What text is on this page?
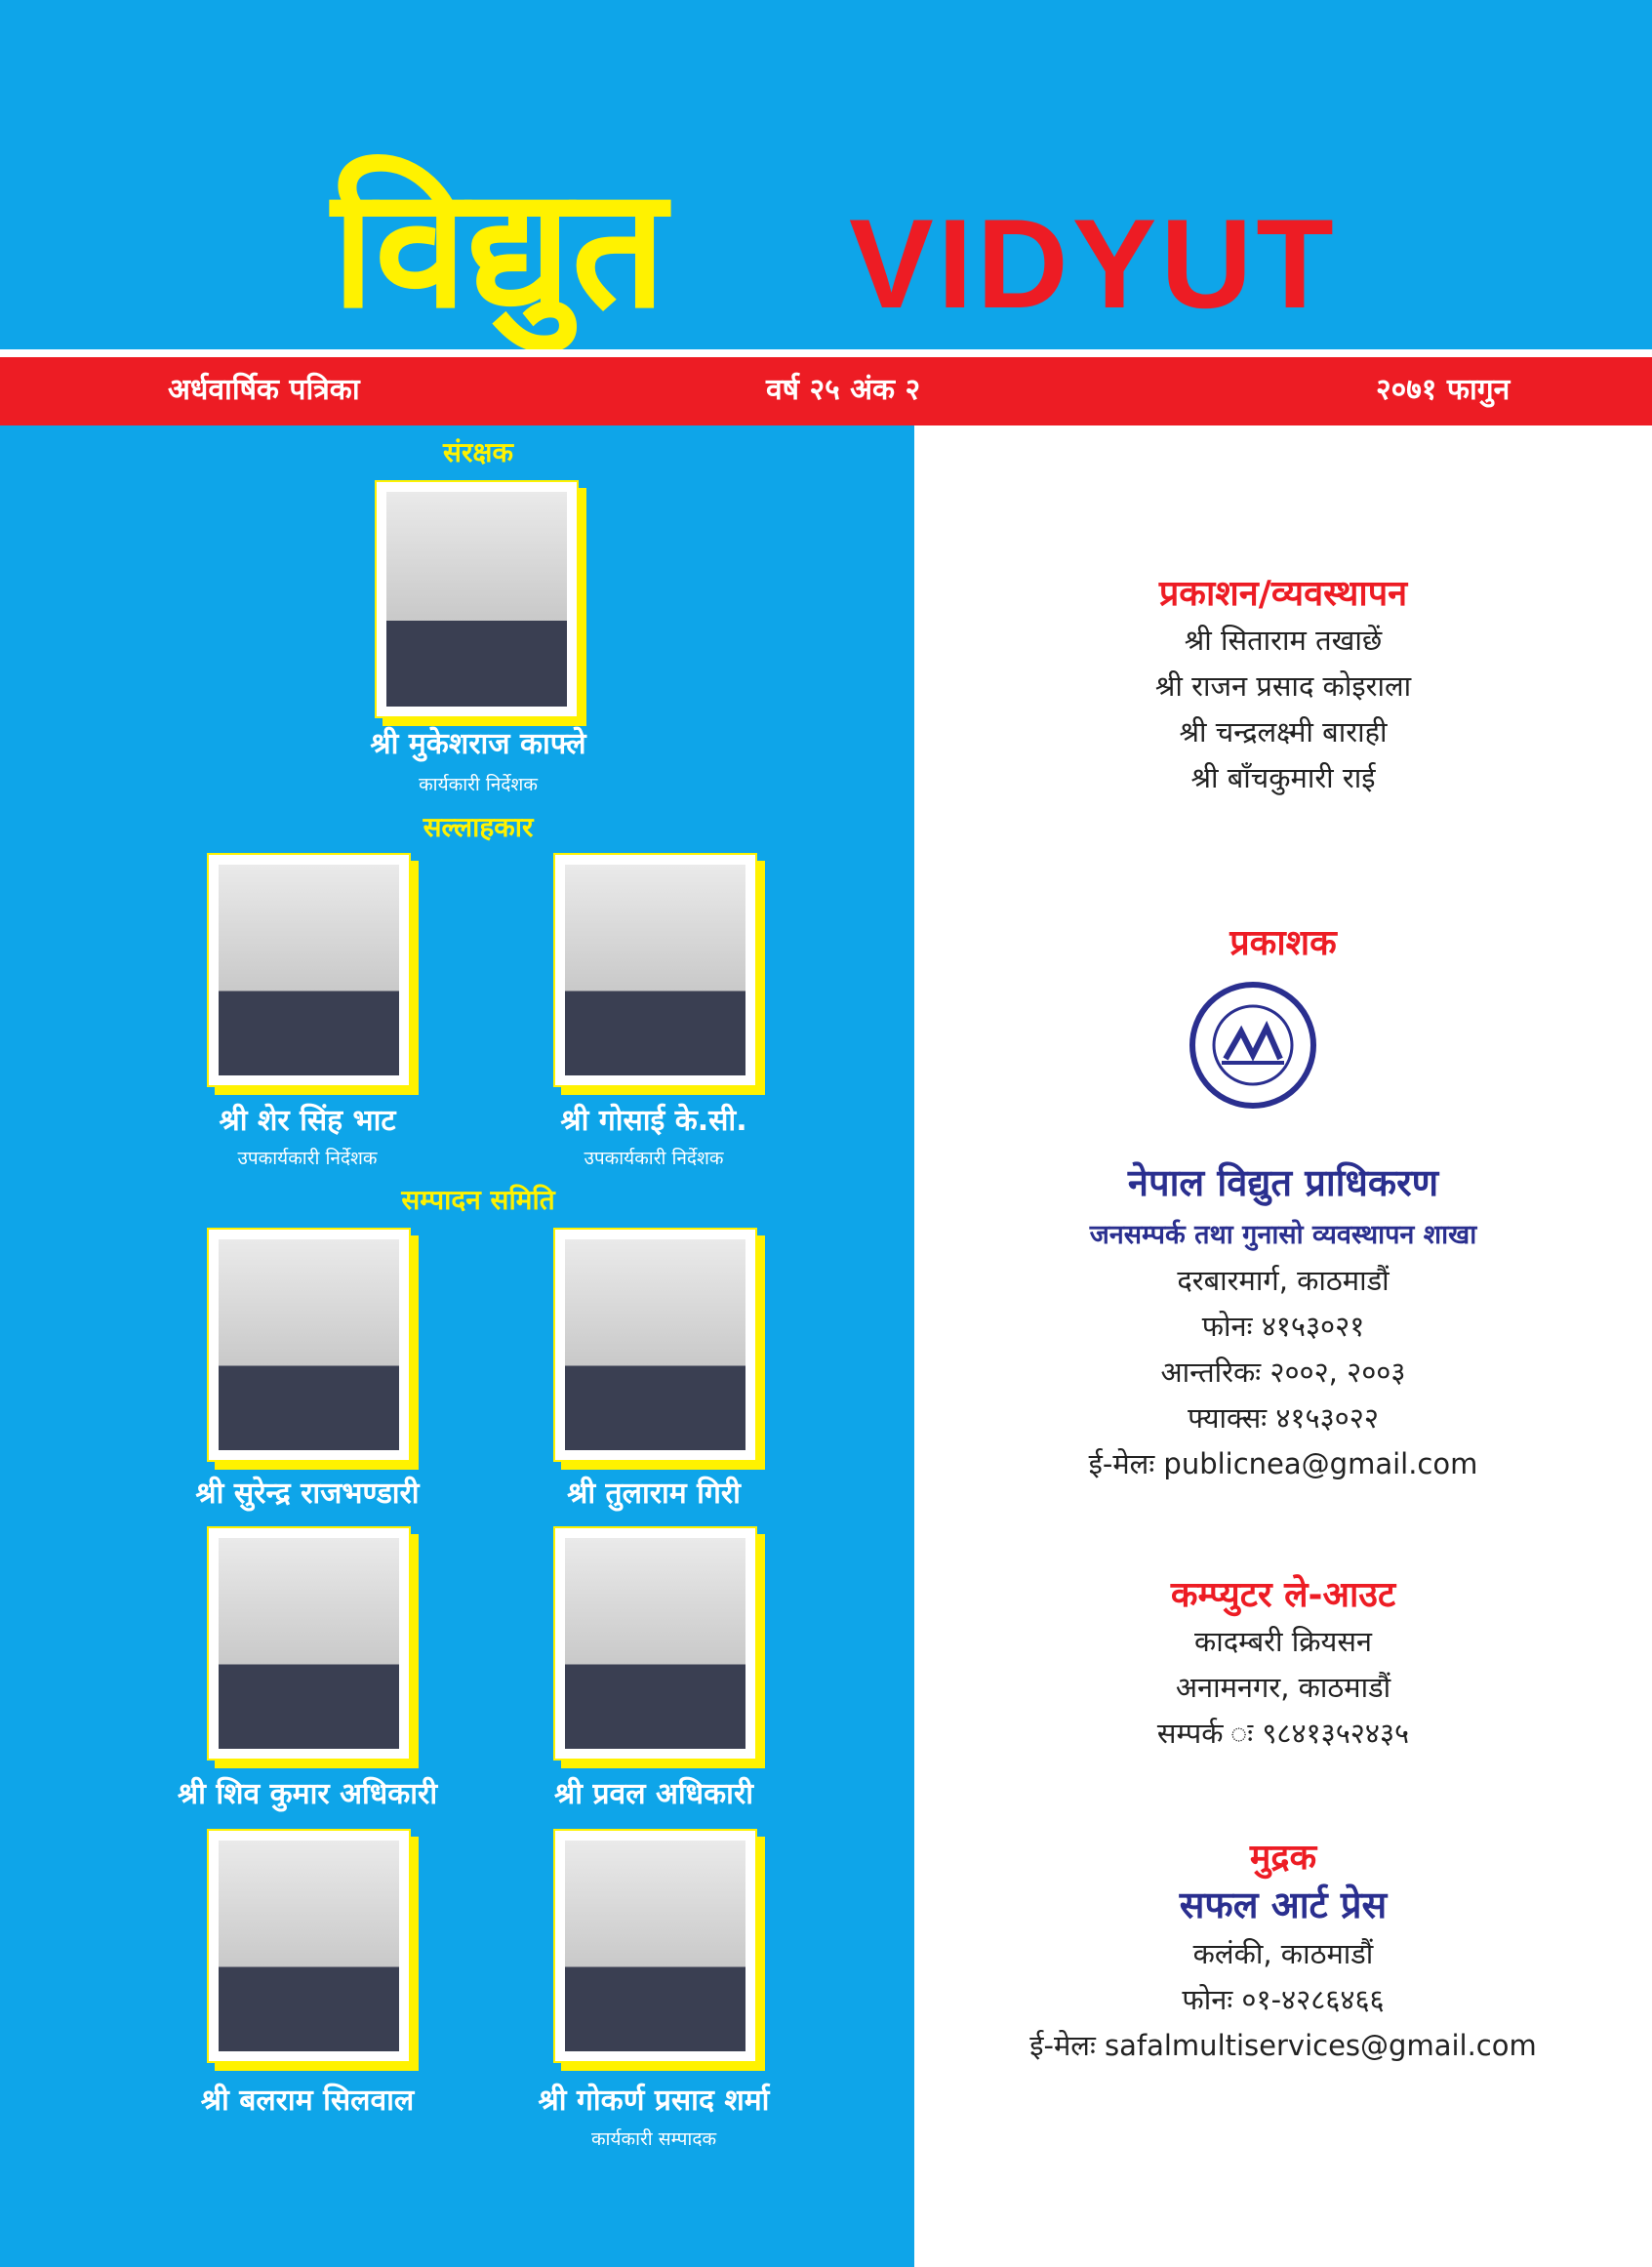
विद्युत VIDYUT
अर्धवार्षिक पत्रिका	वर्ष २५ अंक २	२०७१ फागुन
संरक्षक
श्री मुकेशराज काफ्ले
कार्यकारी निर्देशक
सल्लाहकार
श्री शेर सिंह भाट
उपकार्यकारी निर्देशक
श्री गोसाई के.सी.
उपकार्यकारी निर्देशक
सम्पादन समिति
श्री सुरेन्द्र राजभण्डारी	श्री तुलाराम गिरी
श्री शिव कुमार अधिकारी	श्री प्रवल अधिकारी
श्री बलराम सिलवाल	श्री गोकर्ण प्रसाद शर्मा
कार्यकारी सम्पादक
प्रकाशन/व्यवस्थापन
श्री सिताराम तखाछें
श्री राजन प्रसाद कोइराला
श्री चन्द्रलक्ष्मी बाराही
श्री बाँचकुमारी राई
प्रकाशक
नेपाल विद्युत प्राधिकरण
जनसम्पर्क तथा गुनासो व्यवस्थापन शाखा
दरबारमार्ग, काठमाडौं
फोनः ४१५३०२१
आन्तरिकः २००२, २००३
फ्याक्सः ४१५३०२२
ई-मेलः publicnea@gmail.com
कम्प्युटर ले-आउट
कादम्बरी क्रियसन
अनामनगर, काठमाडौं
सम्पर्क ः ९८४१३५२४३५
मुद्रक
सफल आर्ट प्रेस
कलंकी, काठमाडौं
फोनः ०१-४२८६४६६
ई-मेलः safalmultiservices@gmail.com
